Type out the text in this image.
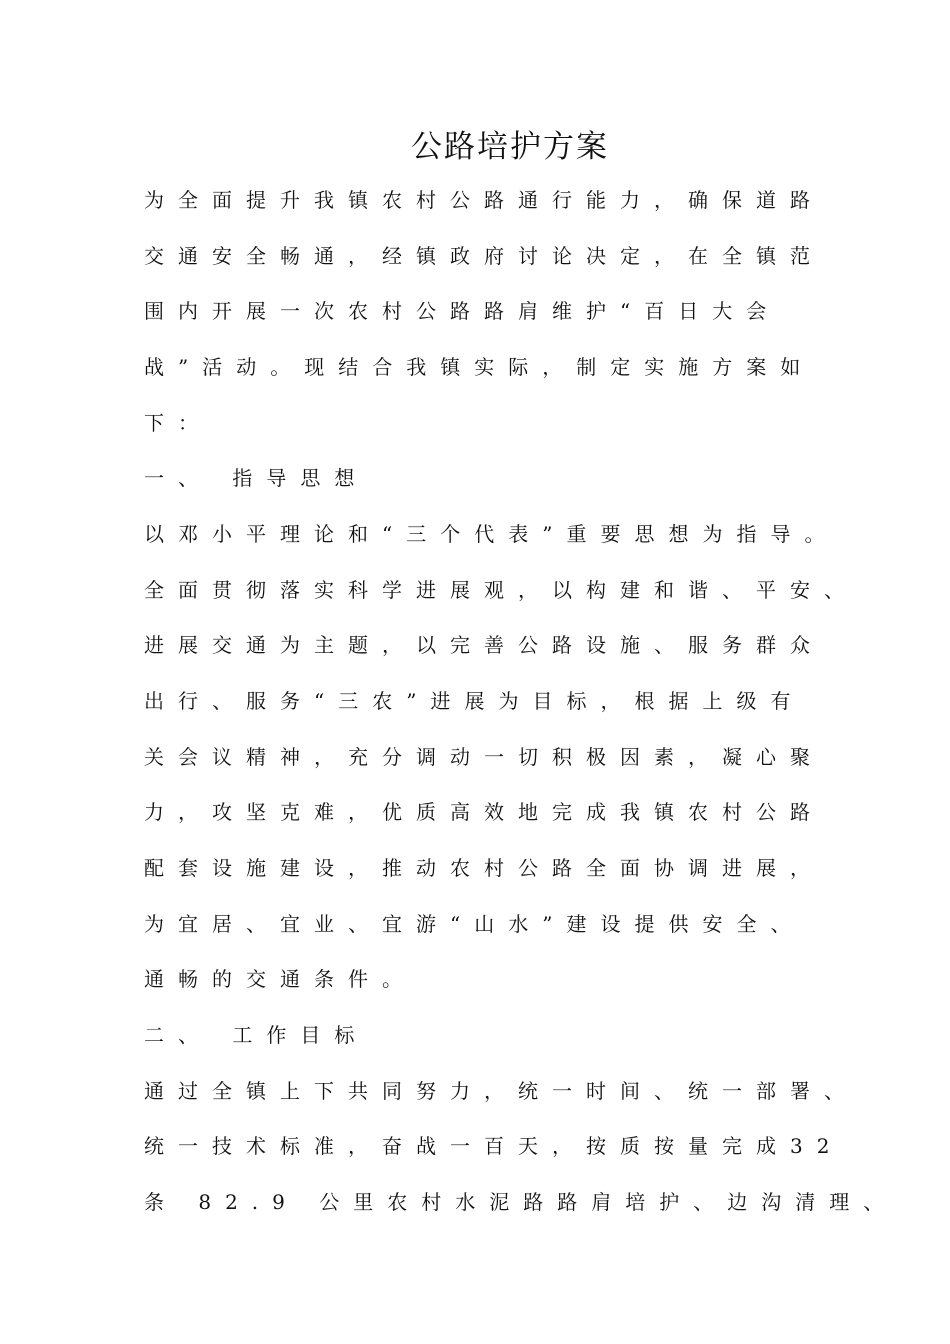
公路培护方案
为全面提升我镇农村公路通行能力，确保道路
交通安全畅通，经镇政府讨论决定，在全镇范
围内开展一次农村公路路肩维护“百日大会
战”活动。现结合我镇实际，制定实施方案如
下：
一、 指导思想
以邓小平理论和“三个代表”重要思想为指导。
全面贯彻落实科学进展观，以构建和谐、平安、
进展交通为主题，以完善公路设施、服务群众
出行、服务“三农”进展为目标，根据上级有
关会议精神，充分调动一切积极因素，凝心聚
力，攻坚克难，优质高效地完成我镇农村公路
配套设施建设，推动农村公路全面协调进展，
为宜居、宜业、宜游“山水”建设提供安全、
通畅的交通条件。
二、 工作目标
通过全镇上下共同努力，统一时间、统一部署、
统一技术标准，奋战一百天，按质按量完成32
条 82.9 公里农村水泥路路肩培护、边沟清理、
